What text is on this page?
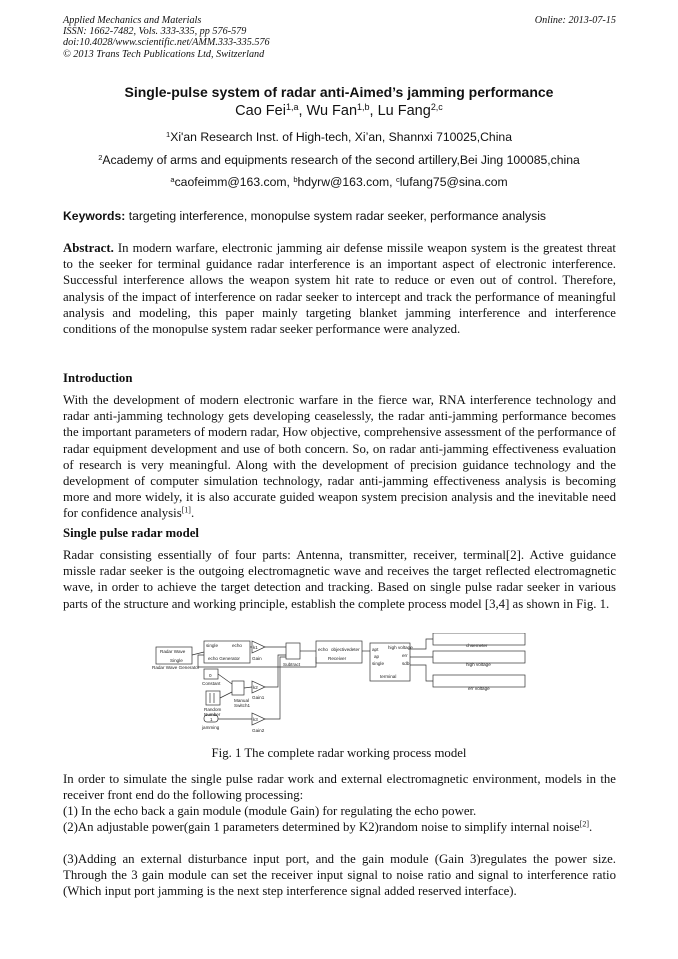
Applied Mechanics and Materials
ISSN: 1662-7482, Vols. 333-335, pp 576-579
doi:10.4028/www.scientific.net/AMM.333-335.576
© 2013 Trans Tech Publications Ltd, Switzerland
Online: 2013-07-15
Single-pulse system of radar anti-Aimed’s jamming performance
Cao Fei$^{1,a}$, Wu Fan$^{1,b}$, Lu Fang$^{2,c}$
$^1$Xi'an Research Inst. of High-tech, Xi’an, Shannxi 710025,China
$^2$Academy of arms and equipments research of the second artillery,Bei Jing 100085,china
$^a$caofeimm@163.com, $^b$hdyrw@163.com, $^c$lufang75@sina.com
Keywords: targeting interference, monopulse system radar seeker, performance analysis
Abstract. In modern warfare, electronic jamming air defense missile weapon system is the greatest threat to the seeker for terminal guidance radar interference is an important aspect of electronic interference. Successful interference allows the weapon system hit rate to reduce or even out of control. Therefore, analysis of the impact of interference on radar seeker to intercept and track the performance of meaningful analysis and modeling, this paper mainly targeting blanket jamming interference and interference conditions of the monopulse system radar seeker performance were analyzed.
Introduction
With the development of modern electronic warfare in the fierce war, RNA interference technology and radar anti-jamming technology gets developing ceaselessly, the radar anti-jamming performance becomes the important parameters of modern radar, How objective, comprehensive assessment of the performance of radar equipment development and use of both concern. So, on radar anti-jamming effectiveness evaluation of research is very meaningful. Along with the development of precision guidance technology and the development of computer simulation technology, radar anti-jamming effectiveness analysis is becoming more and more widely, it is also accurate guided weapon system precision analysis and the inevitable need for confidence analysis[1].
Single pulse radar model
Radar consisting essentially of four parts: Antenna, transmitter, receiver, terminal[2]. Active guidance missle radar seeker is the outgoing electromagnetic wave and receives the target reflected electromagnetic wave, in order to achieve the target detection and tracking. Based on single pulse radar seeker in various parts of the structure and working principle, establish the complete process model [3,4] as shown in Fig. 1.
Radar Wave
Single
Radar Wave Generator
single	echo
echo Generator
k1
Gain
Subtract
echo objectivedeter
Receiver
0
Constant
Manual
Switch1
k2
Gain1
Random
Number
1
jamming
k3
Gain2
apt high voltage
err
ap
sdb
single
terminal
chsemeter
high voltage
err voltage
Fig. 1 The complete radar working process model
In order to simulate the single pulse radar work and external electromagnetic environment, models in the receiver front end do the following processing:
(1) In the echo back a gain module (module Gain) for regulating the echo power.
(2)An adjustable power(gain 1 parameters determined by K2)random noise to simplify internal noise[2].
(3)Adding an external disturbance input port, and the gain module (Gain 3)regulates the power size. Through the 3 gain module can set the receiver input signal to noise ratio and signal to interference ratio (Which input port jamming is the next step interference signal added reserved interface).
